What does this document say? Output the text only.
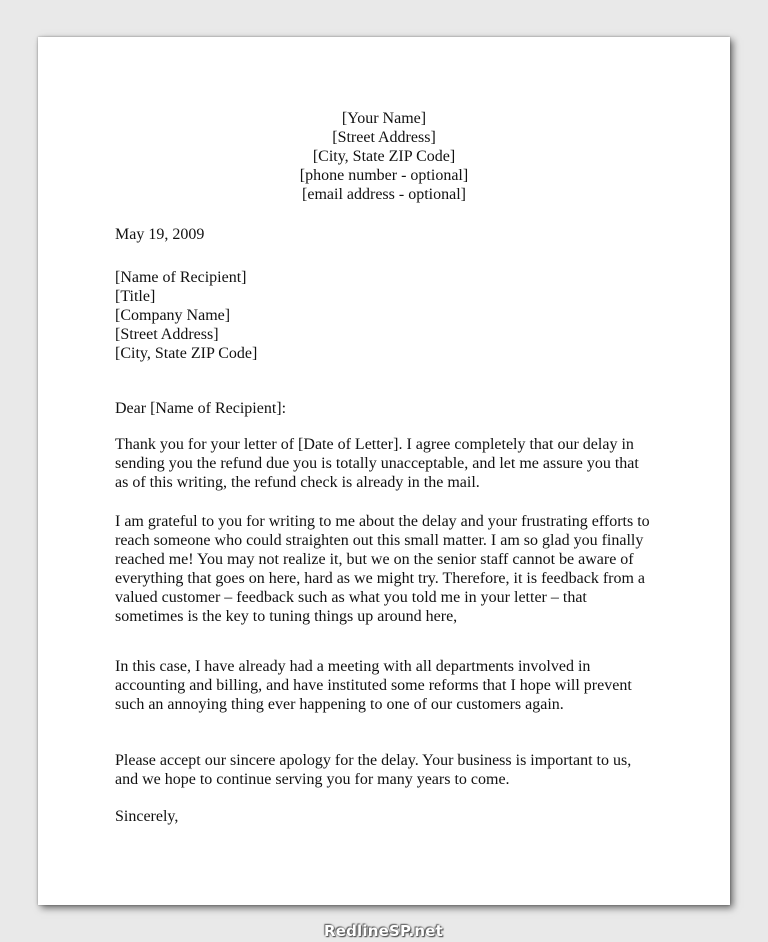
[Your Name]
[Street Address]
[City, State ZIP Code]
[phone number - optional]
[email address - optional]
May 19, 2009
[Name of Recipient]
[Title]
[Company Name]
[Street Address]
[City, State ZIP Code]
Dear [Name of Recipient]:
Thank you for your letter of [Date of Letter]. I agree completely that our delay in sending you the refund due you is totally unacceptable, and let me assure you that as of this writing, the refund check is already in the mail.
I am grateful to you for writing to me about the delay and your frustrating efforts to reach someone who could straighten out this small matter. I am so glad you finally reached me! You may not realize it, but we on the senior staff cannot be aware of everything that goes on here, hard as we might try. Therefore, it is feedback from a valued customer – feedback such as what you told me in your letter – that sometimes is the key to tuning things up around here,
In this case, I have already had a meeting with all departments involved in accounting and billing, and have instituted some reforms that I hope will prevent such an annoying thing ever happening to one of our customers again.
Please accept our sincere apology for the delay. Your business is important to us, and we hope to continue serving you for many years to come.
Sincerely,
RedlineSP.net
